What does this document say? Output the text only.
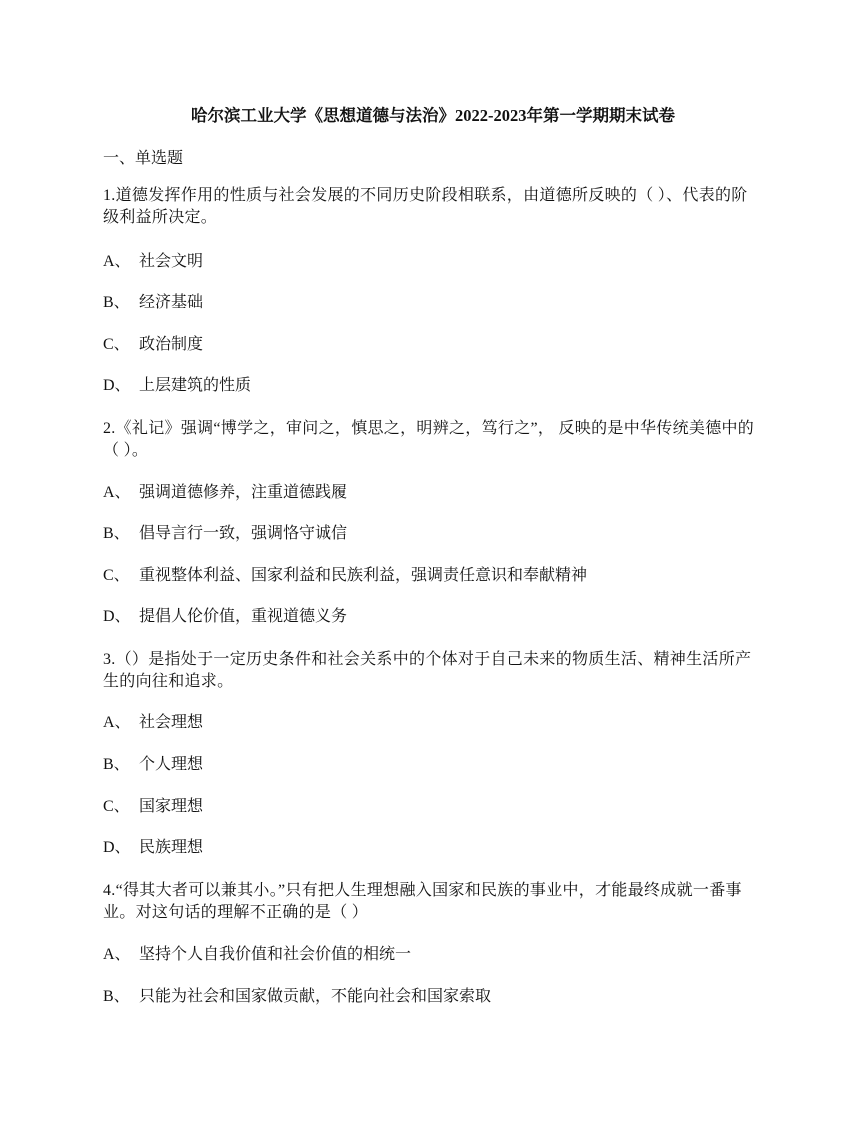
哈尔滨工业大学《思想道德与法治》2022-2023年第一学期期末试卷
一、单选题
1.道德发挥作用的性质与社会发展的不同历史阶段相联系，由道德所反映的（ ）、代表的阶级利益所决定。
A、 社会文明
B、 经济基础
C、 政治制度
D、 上层建筑的性质
2.《礼记》强调“博学之，审问之，慎思之，明辨之，笃行之”， 反映的是中华传统美德中的（ ）。
A、 强调道德修养，注重道德践履
B、 倡导言行一致，强调恪守诚信
C、 重视整体利益、国家利益和民族利益，强调责任意识和奉献精神
D、 提倡人伦价值，重视道德义务
3.（）是指处于一定历史条件和社会关系中的个体对于自己未来的物质生活、精神生活所产生的向往和追求。
A、 社会理想
B、 个人理想
C、 国家理想
D、 民族理想
4.“得其大者可以兼其小。”只有把人生理想融入国家和民族的事业中，才能最终成就一番事业。对这句话的理解不正确的是（ ）
A、 坚持个人自我价值和社会价值的相统一
B、 只能为社会和国家做贡献，不能向社会和国家索取
